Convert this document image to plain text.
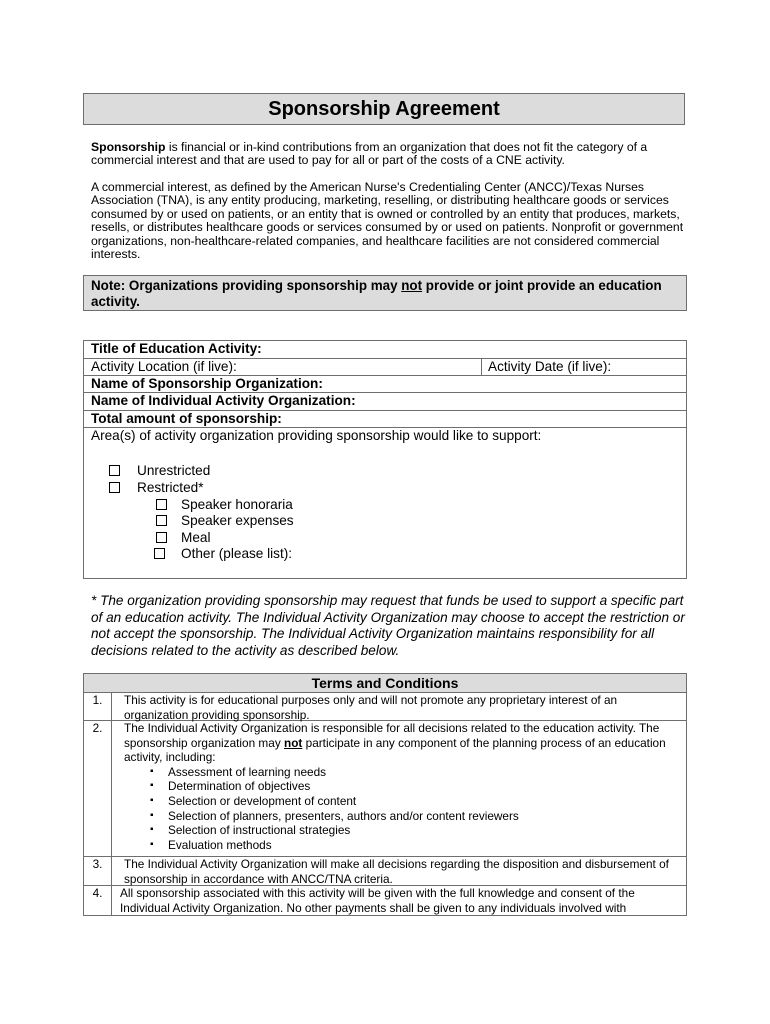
Sponsorship Agreement
Sponsorship is financial or in-kind contributions from an organization that does not fit the category of a commercial interest and that are used to pay for all or part of the costs of a CNE activity.
A commercial interest, as defined by the American Nurse's Credentialing Center (ANCC)/Texas Nurses Association (TNA), is any entity producing, marketing, reselling, or distributing healthcare goods or services consumed by or used on patients, or an entity that is owned or controlled by an entity that produces, markets, resells, or distributes healthcare goods or services consumed by or used on patients. Nonprofit or government organizations, non-healthcare-related companies, and healthcare facilities are not considered commercial interests.
Note: Organizations providing sponsorship may not provide or joint provide an education activity.
Title of Education Activity:
Activity Location (if live):	Activity Date (if live):
Name of Sponsorship Organization:
Name of Individual Activity Organization:
Total amount of sponsorship:
Area(s) of activity organization providing sponsorship would like to support:
Unrestricted
Restricted*
Speaker honoraria
Speaker expenses
Meal
Other (please list):
* The organization providing sponsorship may request that funds be used to support a specific part of an education activity. The Individual Activity Organization may choose to accept the restriction or not accept the sponsorship. The Individual Activity Organization maintains responsibility for all decisions related to the activity as described below.
Terms and Conditions
1.	This activity is for educational purposes only and will not promote any proprietary interest of an organization providing sponsorship.
2.	The Individual Activity Organization is responsible for all decisions related to the education activity. The sponsorship organization may not participate in any component of the planning process of an education activity, including:
▪ Assessment of learning needs
▪ Determination of objectives
▪ Selection or development of content
▪ Selection of planners, presenters, authors and/or content reviewers
▪ Selection of instructional strategies
▪ Evaluation methods
3.	The Individual Activity Organization will make all decisions regarding the disposition and disbursement of sponsorship in accordance with ANCC/TNA criteria.
4.	All sponsorship associated with this activity will be given with the full knowledge and consent of the Individual Activity Organization. No other payments shall be given to any individuals involved with
